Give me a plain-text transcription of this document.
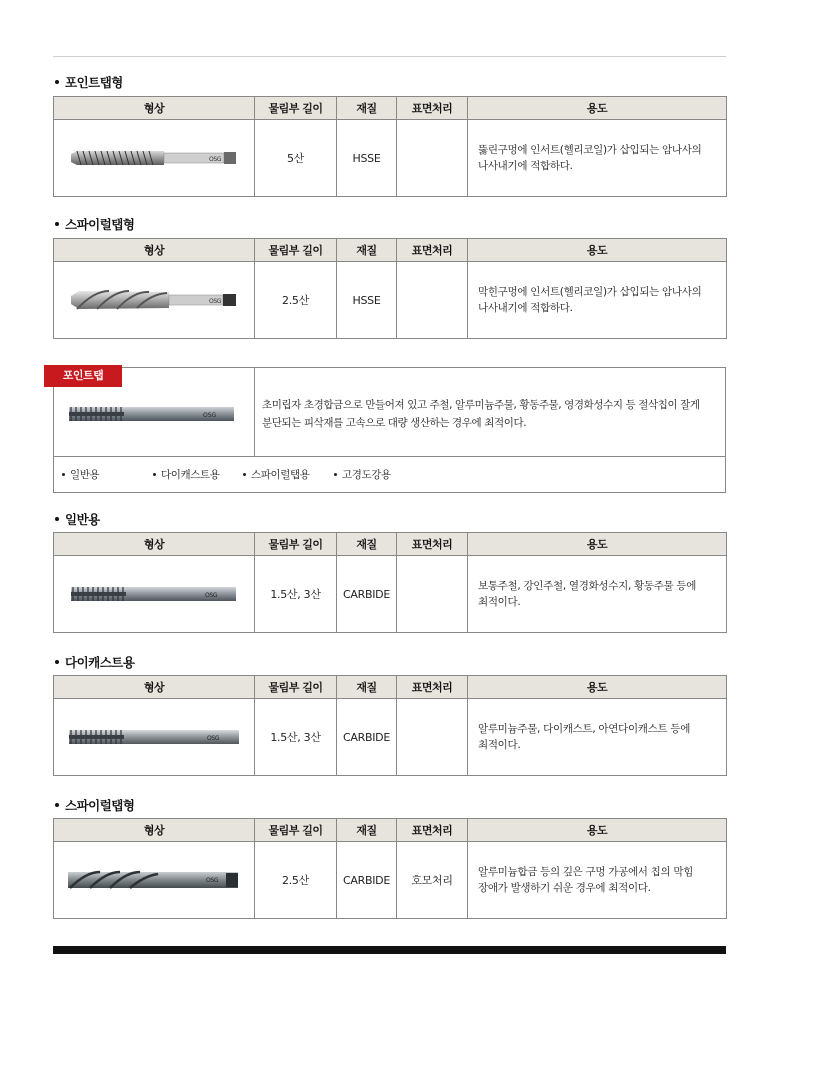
포인트탭형
형상	물림부 길이	재질	표면처리	용도

OSG	5산	HSSE		뚫린구멍에 인서트(헬리코일)가 삽입되는 암나사의
나사내기에 적합하다.
스파이럴탭형
형상	물림부 길이	재질	표면처리	용도

OSG	2.5산	HSSE		막힌구멍에 인서트(헬리코일)가 삽입되는 암나사의
나사내기에 적합하다.
OSG
포인트탭
초미립자 초경합금으로 만들어져 있고 주철, 알루미늄주물, 황동주물, 영경화성수지 등 절삭칩이 잘게
분단되는 피삭재를 고속으로 대량 생산하는 경우에 최적이다.
일반용	다이캐스트용	스파이럴탭용	고경도강용
일반용
형상	물림부 길이	재질	표면처리	용도

OSG	1.5산, 3산	CARBIDE		보통주철, 강인주철, 열경화성수지, 황동주물 등에
최적이다.
다이캐스트용
형상	물림부 길이	재질	표면처리	용도

OSG	1.5산, 3산	CARBIDE		알루미늄주물, 다이캐스트, 아연다이캐스트 등에
최적이다.
스파이럴탭형
형상	물림부 길이	재질	표면처리	용도

OSG	2.5산	CARBIDE	호모처리	알루미늄합금 등의 깊은 구멍 가공에서 칩의 막힘
장애가 발생하기 쉬운 경우에 최적이다.
